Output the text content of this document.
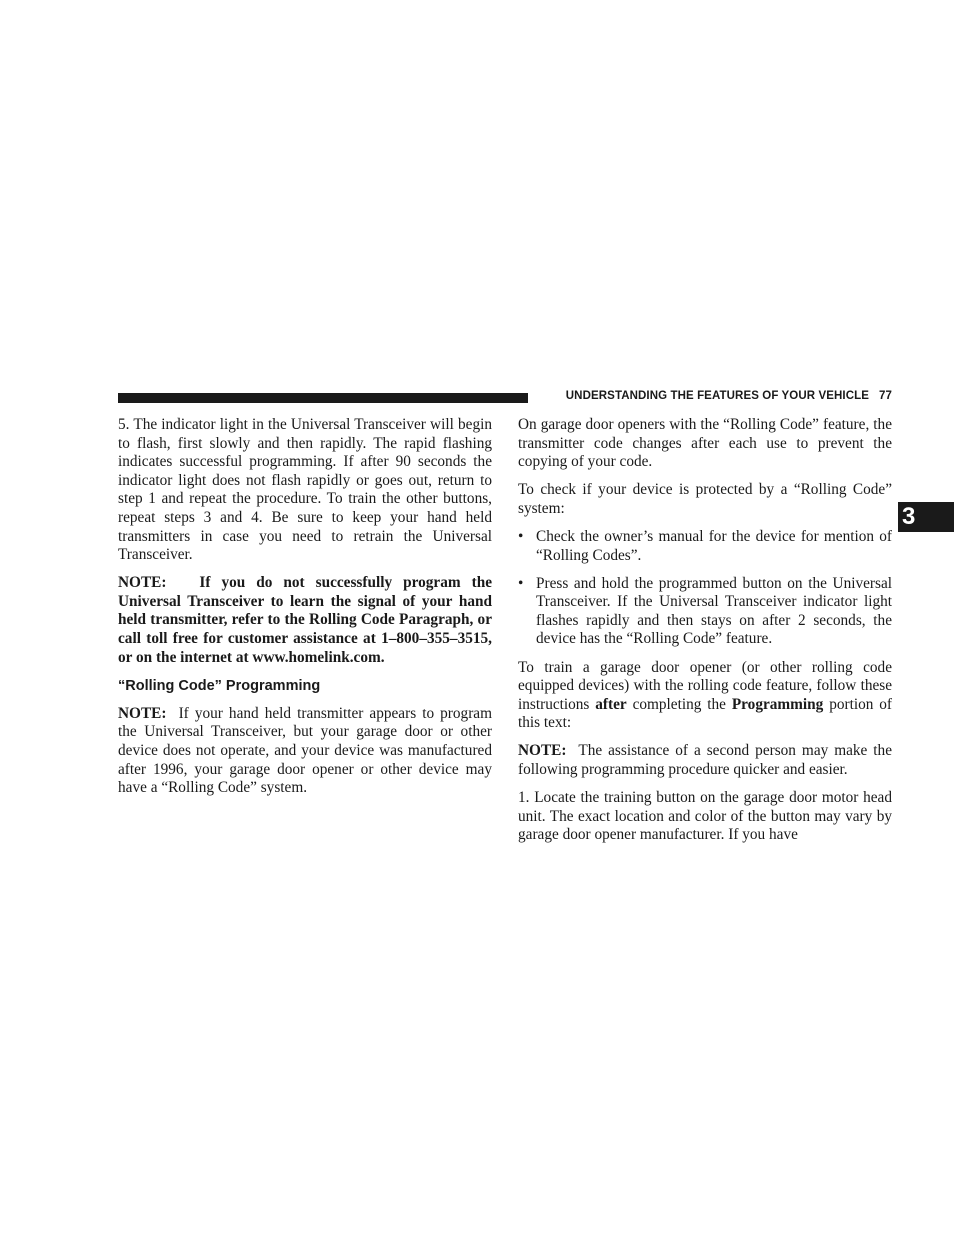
UNDERSTANDING THE FEATURES OF YOUR VEHICLE 77
3

5. The indicator light in the Universal Transceiver will begin to flash, first slowly and then rapidly. The rapid flashing indicates successful programming. If after 90 seconds the indicator light does not flash rapidly or goes out, return to step 1 and repeat the procedure. To train the other buttons, repeat steps 3 and 4. Be sure to keep your hand held transmitters in case you need to retrain the Universal Transceiver.

NOTE: If you do not successfully program the Universal Transceiver to learn the signal of your hand held transmitter, refer to the Rolling Code Paragraph, or call toll free for customer assistance at 1–800–355–3515, or on the internet at www.homelink.com.

“Rolling Code” Programming

NOTE: If your hand held transmitter appears to program the Universal Transceiver, but your garage door or other device does not operate, and your device was manufactured after 1996, your garage door opener or other device may have a “Rolling Code” system.

On garage door openers with the “Rolling Code” feature, the transmitter code changes after each use to prevent the copying of your code.

To check if your device is protected by a “Rolling Code” system:

• Check the owner’s manual for the device for mention of “Rolling Codes”.
• Press and hold the programmed button on the Universal Transceiver. If the Universal Transceiver indicator light flashes rapidly and then stays on after 2 seconds, the device has the “Rolling Code” feature.

To train a garage door opener (or other rolling code equipped devices) with the rolling code feature, follow these instructions after completing the Programming portion of this text:

NOTE: The assistance of a second person may make the following programming procedure quicker and easier.

1. Locate the training button on the garage door motor head unit. The exact location and color of the button may vary by garage door opener manufacturer. If you have
